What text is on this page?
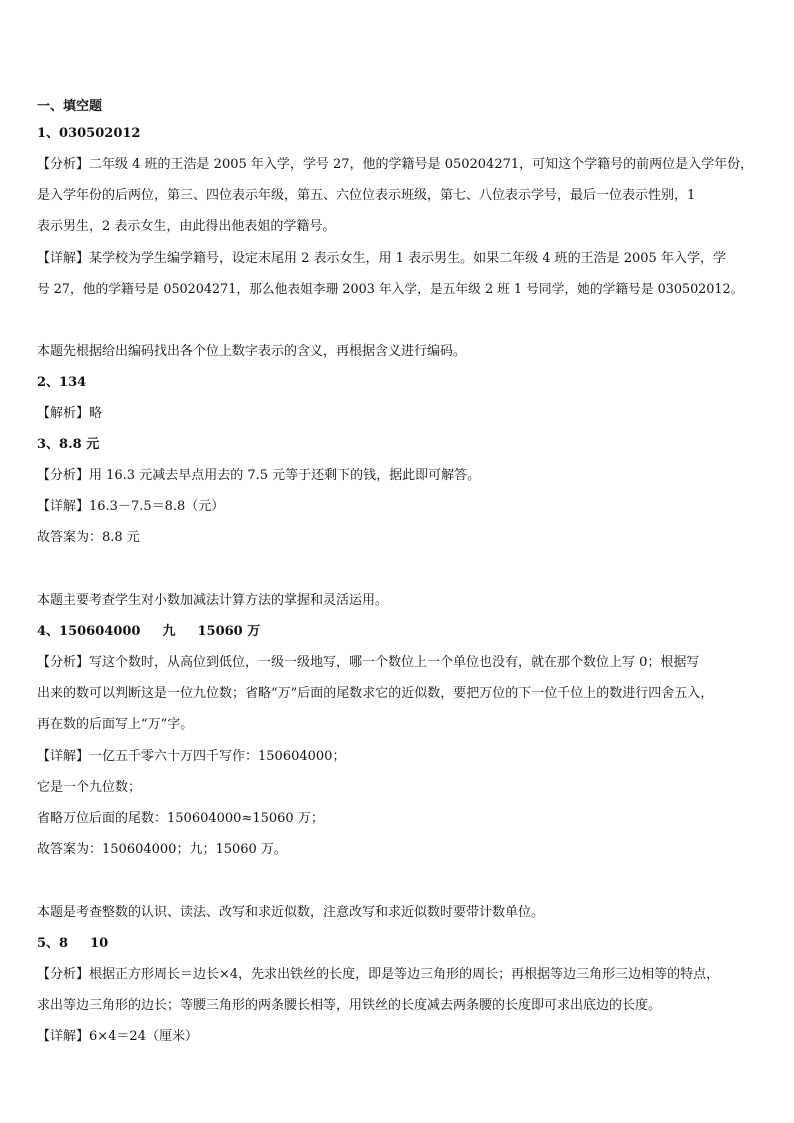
一、填空题
1、030502012
【分析】二年级 4 班的王浩是 2005 年入学，学号 27，他的学籍号是 050204271，可知这个学籍号的前两位是入学年份，
是入学年份的后两位，第三、四位表示年级，第五、六位位表示班级，第七、八位表示学号，最后一位表示性别，1
表示男生，2 表示女生，由此得出他表姐的学籍号。
【详解】某学校为学生编学籍号，设定末尾用 2 表示女生，用 1 表示男生。如果二年级 4 班的王浩是 2005 年入学，学
号 27，他的学籍号是 050204271，那么他表姐李珊 2003 年入学，是五年级 2 班 1 号同学，她的学籍号是 030502012。
本题先根据给出编码找出各个位上数字表示的含义，再根据含义进行编码。
2、134
【解析】略
3、8.8 元
【分析】用 16.3 元减去早点用去的 7.5 元等于还剩下的钱，据此即可解答。
【详解】16.3－7.5＝8.8（元）
故答案为：8.8 元
本题主要考查学生对小数加减法计算方法的掌握和灵活运用。
4、150604000 九 15060 万
【分析】写这个数时，从高位到低位，一级一级地写，哪一个数位上一个单位也没有，就在那个数位上写 0；根据写
出来的数可以判断这是一位九位数；省略“万”后面的尾数求它的近似数，要把万位的下一位千位上的数进行四舍五入，
再在数的后面写上“万”字。
【详解】一亿五千零六十万四千写作：150604000；
它是一个九位数；
省略万位后面的尾数：150604000≈15060 万；
故答案为：150604000；九；15060 万。
本题是考查整数的认识、读法、改写和求近似数，注意改写和求近似数时要带计数单位。
5、8 10
【分析】根据正方形周长＝边长×4，先求出铁丝的长度，即是等边三角形的周长；再根据等边三角形三边相等的特点，
求出等边三角形的边长；等腰三角形的两条腰长相等，用铁丝的长度减去两条腰的长度即可求出底边的长度。
【详解】6×4＝24（厘米）
